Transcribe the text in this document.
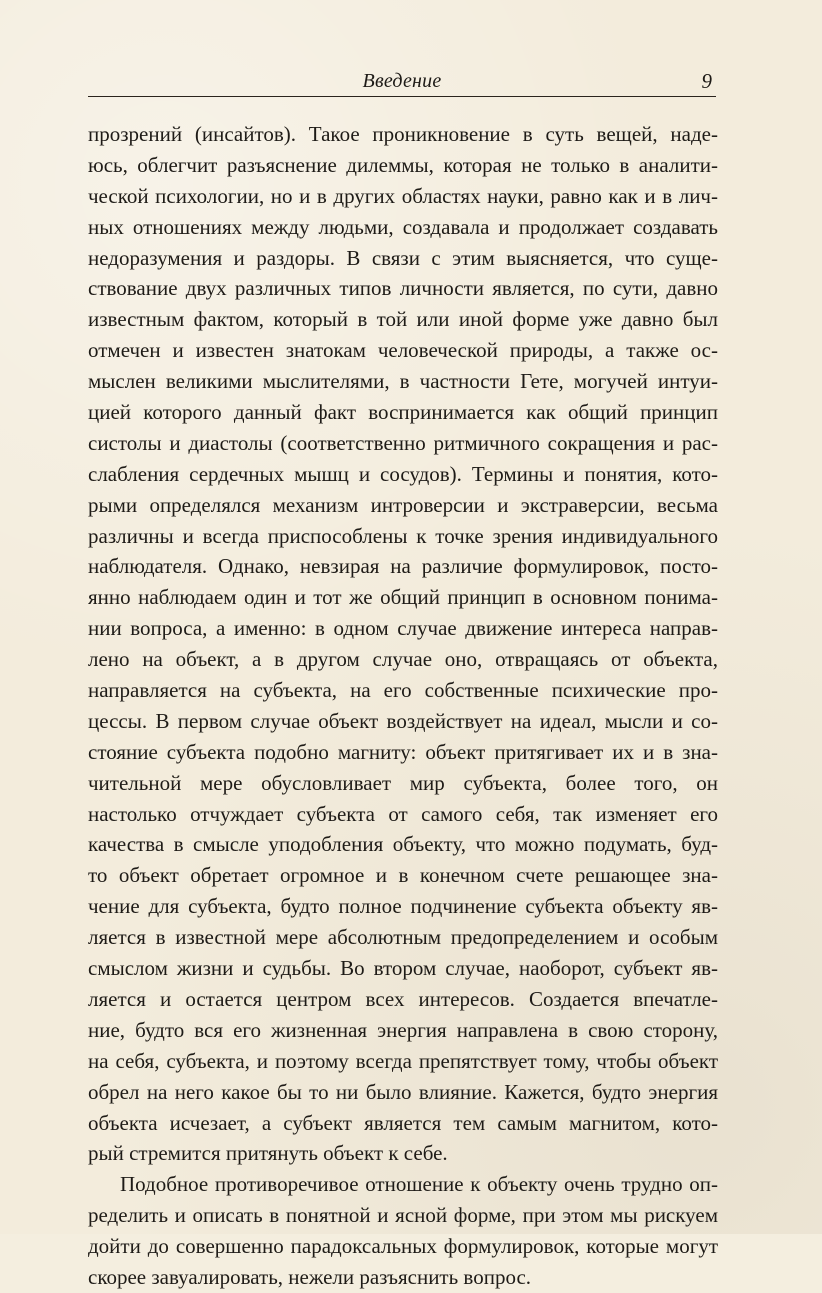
Введение	9
прозрений (инсайтов). Такое проникновение в суть вещей, наде-
юсь, облегчит разъяснение дилеммы, которая не только в аналити-
ческой психологии, но и в других областях науки, равно как и в лич-
ных отношениях между людьми, создавала и продолжает создавать
недоразумения и раздоры. В связи с этим выясняется, что суще-
ствование двух различных типов личности является, по сути, давно
известным фактом, который в той или иной форме уже давно был
отмечен и известен знатокам человеческой природы, а также ос-
мыслен великими мыслителями, в частности Гете, могучей интуи-
цией которого данный факт воспринимается как общий принцип
систолы и диастолы (соответственно ритмичного сокращения и рас-
слабления сердечных мышц и сосудов). Термины и понятия, кото-
рыми определялся механизм интроверсии и экстраверсии, весьма
различны и всегда приспособлены к точке зрения индивидуального
наблюдателя. Однако, невзирая на различие формулировок, посто-
янно наблюдаем один и тот же общий принцип в основном понима-
нии вопроса, а именно: в одном случае движение интереса направ-
лено на объект, а в другом случае оно, отвращаясь от объекта,
направляется на субъекта, на его собственные психические про-
цессы. В первом случае объект воздействует на идеал, мысли и со-
стояние субъекта подобно магниту: объект притягивает их и в зна-
чительной мере обусловливает мир субъекта, более того, он
настолько отчуждает субъекта от самого себя, так изменяет его
качества в смысле уподобления объекту, что можно подумать, буд-
то объект обретает огромное и в конечном счете решающее зна-
чение для субъекта, будто полное подчинение субъекта объекту яв-
ляется в известной мере абсолютным предопределением и особым
смыслом жизни и судьбы. Во втором случае, наоборот, субъект яв-
ляется и остается центром всех интересов. Создается впечатле-
ние, будто вся его жизненная энергия направлена в свою сторону,
на себя, субъекта, и поэтому всегда препятствует тому, чтобы объект
обрел на него какое бы то ни было влияние. Кажется, будто энергия
объекта исчезает, а субъект является тем самым магнитом, кото-
рый стремится притянуть объект к себе.
Подобное противоречивое отношение к объекту очень трудно оп-
ределить и описать в понятной и ясной форме, при этом мы рискуем
дойти до совершенно парадоксальных формулировок, которые могут
скорее завуалировать, нежели разъяснить вопрос.
